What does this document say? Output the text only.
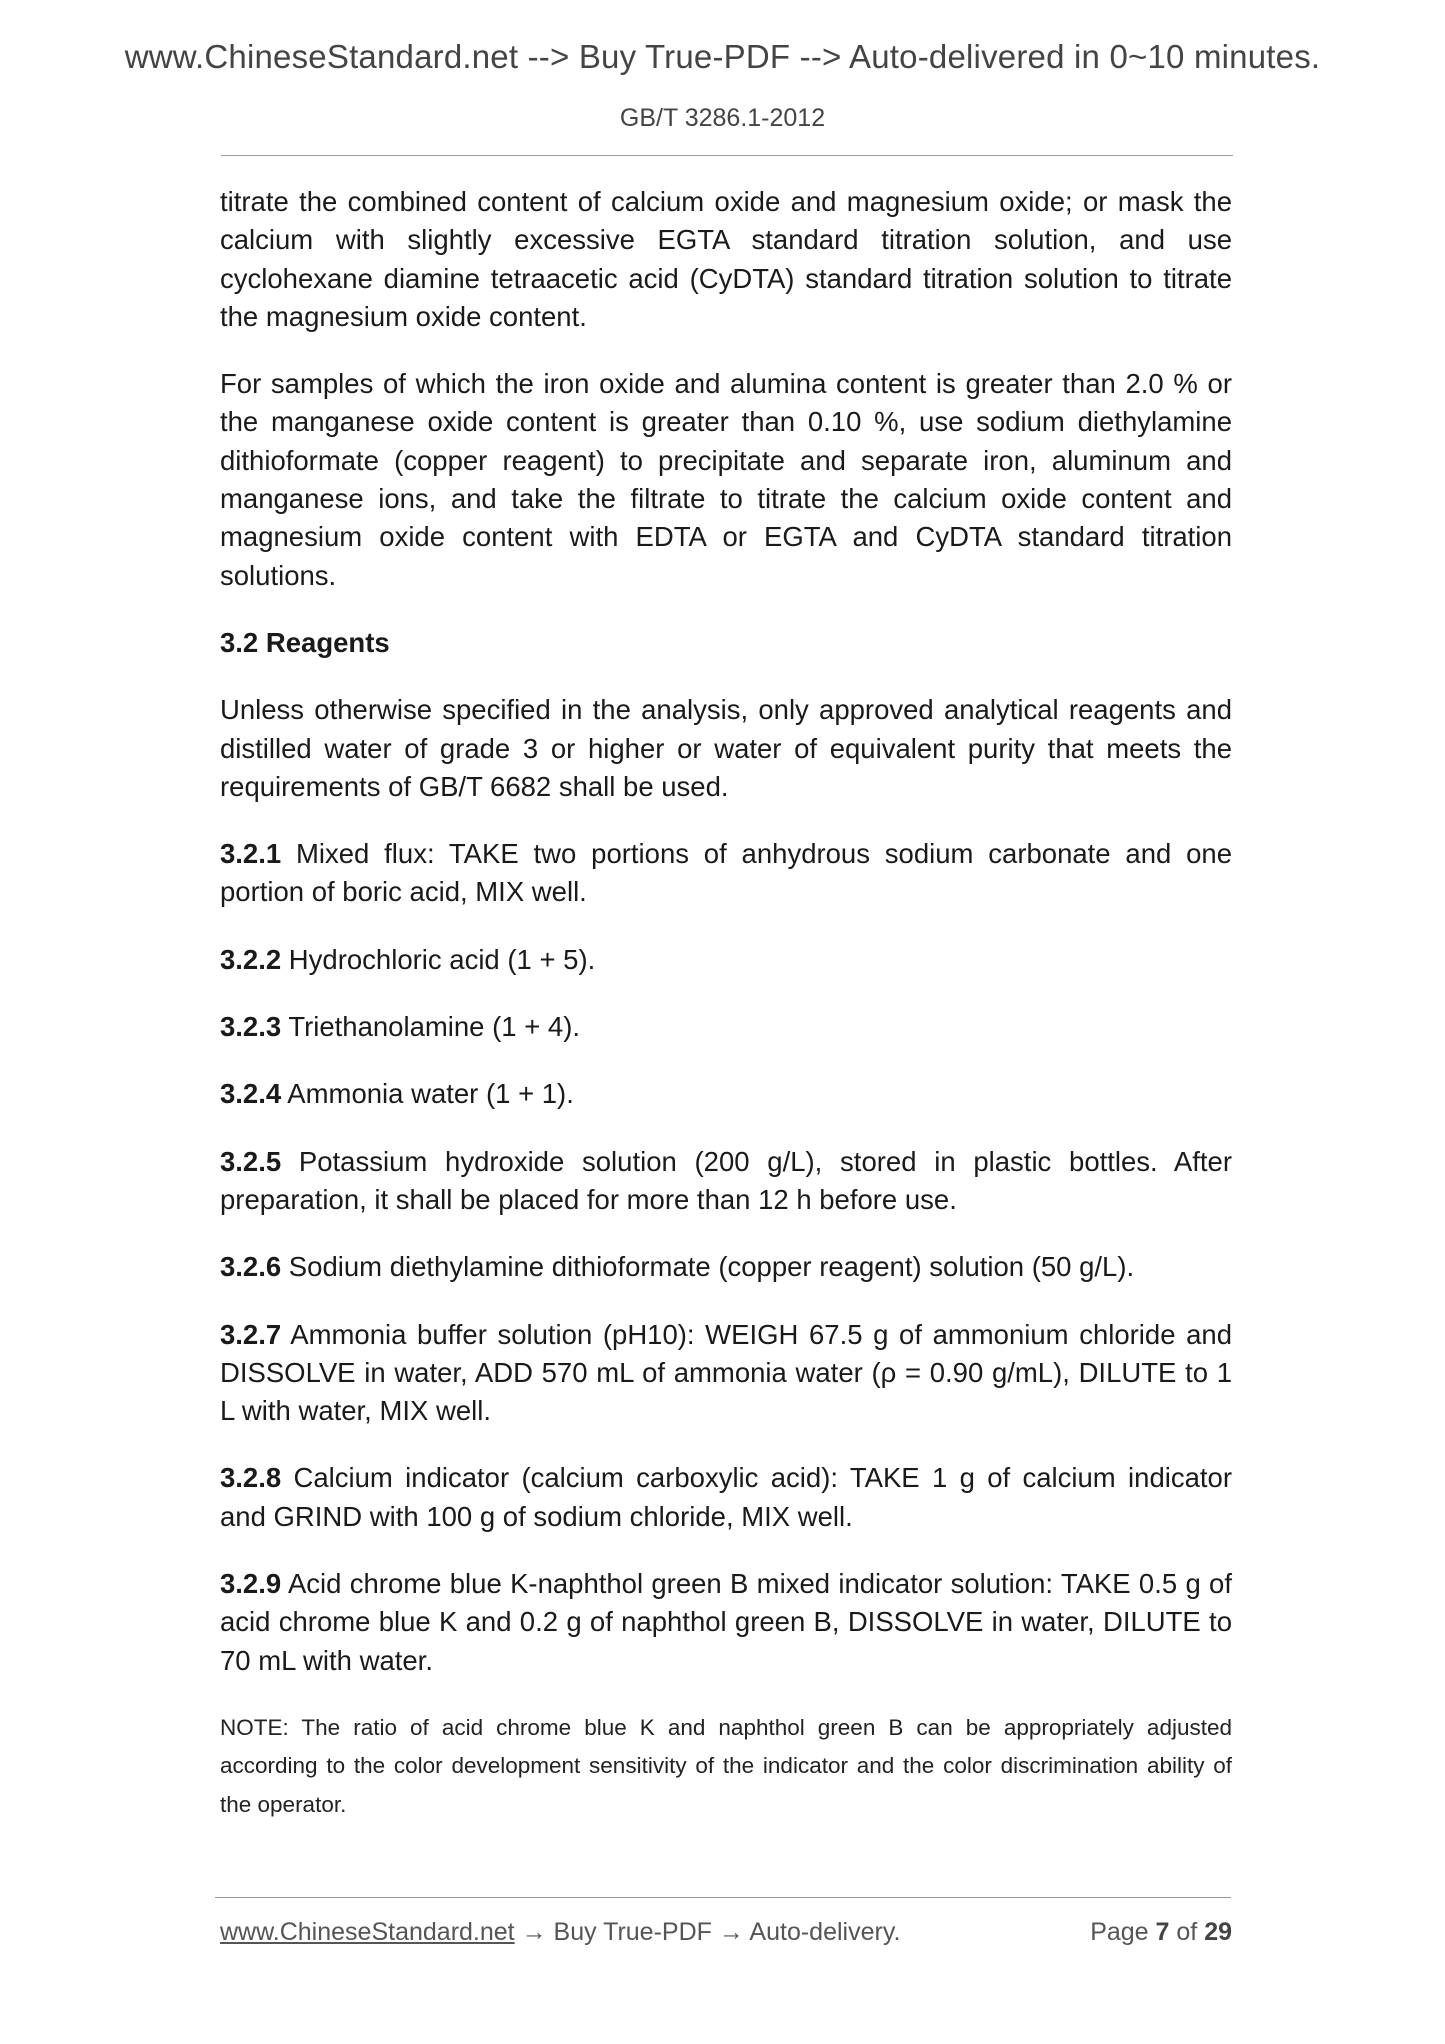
www.ChineseStandard.net --> Buy True-PDF --> Auto-delivered in 0~10 minutes.
GB/T 3286.1-2012

titrate the combined content of calcium oxide and magnesium oxide; or mask the calcium with slightly excessive EGTA standard titration solution, and use cyclohexane diamine tetraacetic acid (CyDTA) standard titration solution to titrate the magnesium oxide content.

For samples of which the iron oxide and alumina content is greater than 2.0 % or the manganese oxide content is greater than 0.10 %, use sodium diethylamine dithioformate (copper reagent) to precipitate and separate iron, aluminum and manganese ions, and take the filtrate to titrate the calcium oxide content and magnesium oxide content with EDTA or EGTA and CyDTA standard titration solutions.

3.2 Reagents

Unless otherwise specified in the analysis, only approved analytical reagents and distilled water of grade 3 or higher or water of equivalent purity that meets the requirements of GB/T 6682 shall be used.

3.2.1 Mixed flux: TAKE two portions of anhydrous sodium carbonate and one portion of boric acid, MIX well.

3.2.2 Hydrochloric acid (1 + 5).

3.2.3 Triethanolamine (1 + 4).

3.2.4 Ammonia water (1 + 1).

3.2.5 Potassium hydroxide solution (200 g/L), stored in plastic bottles. After preparation, it shall be placed for more than 12 h before use.

3.2.6 Sodium diethylamine dithioformate (copper reagent) solution (50 g/L).

3.2.7 Ammonia buffer solution (pH10): WEIGH 67.5 g of ammonium chloride and DISSOLVE in water, ADD 570 mL of ammonia water (ρ = 0.90 g/mL), DILUTE to 1 L with water, MIX well.

3.2.8 Calcium indicator (calcium carboxylic acid): TAKE 1 g of calcium indicator and GRIND with 100 g of sodium chloride, MIX well.

3.2.9 Acid chrome blue K-naphthol green B mixed indicator solution: TAKE 0.5 g of acid chrome blue K and 0.2 g of naphthol green B, DISSOLVE in water, DILUTE to 70 mL with water.

NOTE: The ratio of acid chrome blue K and naphthol green B can be appropriately adjusted according to the color development sensitivity of the indicator and the color discrimination ability of the operator.

www.ChineseStandard.net → Buy True-PDF → Auto-delivery.	Page 7 of 29
